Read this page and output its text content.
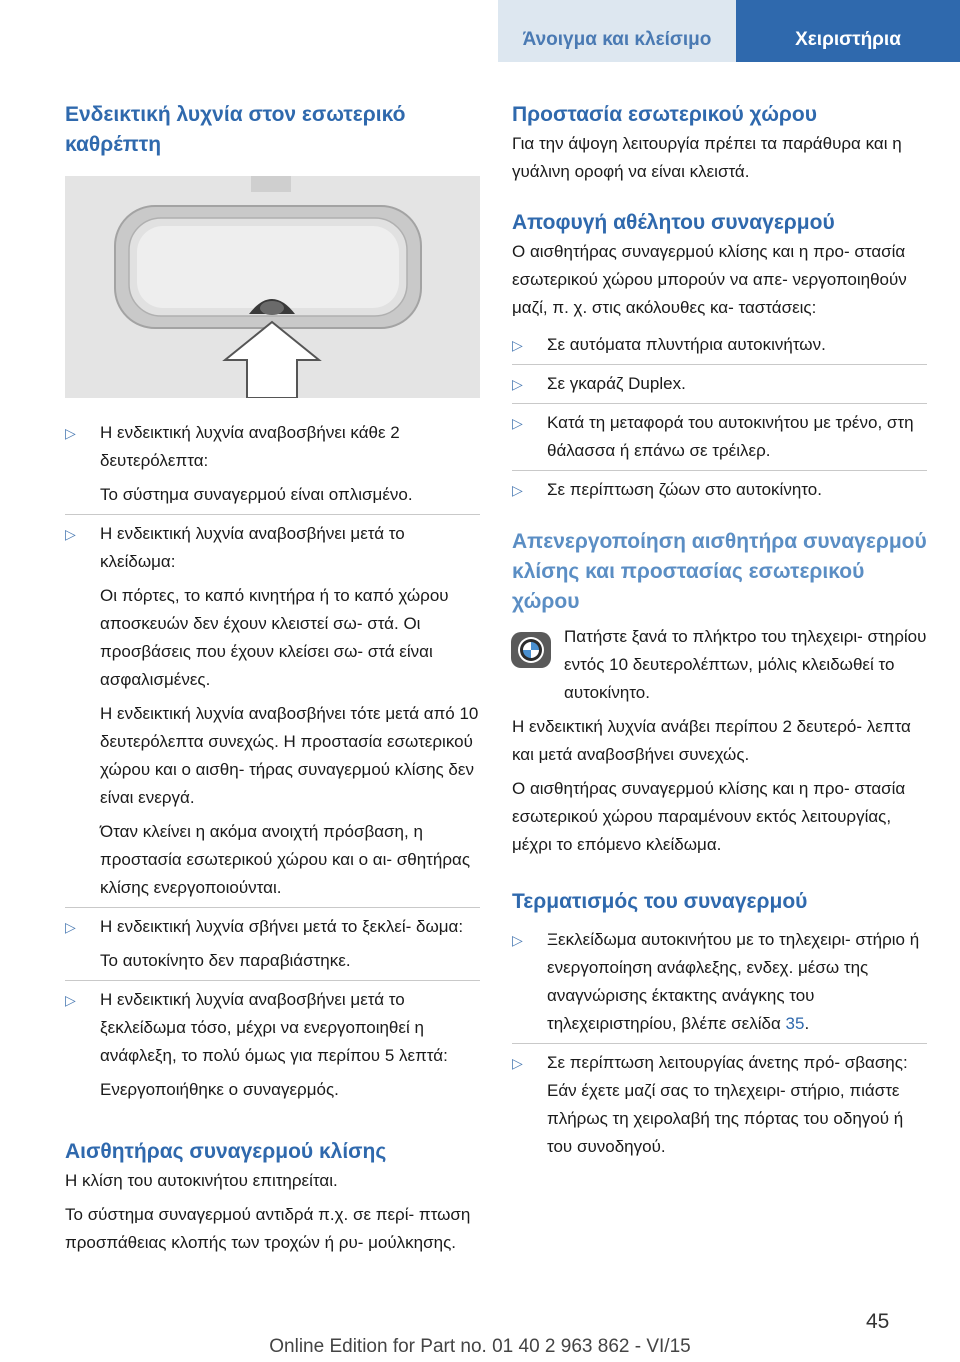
Άνοιγμα και κλείσιμο	Χειριστήρια
Ενδεικτική λυχνία στον εσωτερικό καθρέπτη
▷	Η ενδεικτική λυχνία αναβοσβήνει κάθε 2 δευτερόλεπτα:
Το σύστημα συναγερμού είναι οπλισμένο.
▷	Η ενδεικτική λυχνία αναβοσβήνει μετά το κλείδωμα:
Οι πόρτες, το καπό κινητήρα ή το καπό χώρου αποσκευών δεν έχουν κλειστεί σω‐ στά. Οι προσβάσεις που έχουν κλείσει σω‐ στά είναι ασφαλισμένες.
Η ενδεικτική λυχνία αναβοσβήνει τότε μετά από 10 δευτερόλεπτα συνεχώς. Η προστασία εσωτερικού χώρου και ο αισθη‐ τήρας συναγερμού κλίσης δεν είναι ενεργά.
Όταν κλείνει η ακόμα ανοιχτή πρόσβαση, η προστασία εσωτερικού χώρου και ο αι‐ σθητήρας κλίσης ενεργοποιούνται.
▷	Η ενδεικτική λυχνία σβήνει μετά το ξεκλεί‐ δωμα:
Το αυτοκίνητο δεν παραβιάστηκε.
▷	Η ενδεικτική λυχνία αναβοσβήνει μετά το ξεκλείδωμα τόσο, μέχρι να ενεργοποιηθεί η ανάφλεξη, το πολύ όμως για περίπου 5 λεπτά:
Ενεργοποιήθηκε ο συναγερμός.
Αισθητήρας συναγερμού κλίσης

Η κλίση του αυτοκινήτου επιτηρείται.

Το σύστημα συναγερμού αντιδρά π.χ. σε περί‐ πτωση προσπάθειας κλοπής των τροχών ή ρυ‐ μούλκησης.

Προστασία εσωτερικού χώρου

Για την άψογη λειτουργία πρέπει τα παράθυρα και η γυάλινη οροφή να είναι κλειστά.

Αποφυγή αθέλητου συναγερμού

Ο αισθητήρας συναγερμού κλίσης και η προ‐ στασία εσωτερικού χώρου μπορούν να απε‐ νεργοποιηθούν μαζί, π. χ. στις ακόλουθες κα‐ ταστάσεις:

▷	Σε αυτόματα πλυντήρια αυτοκινήτων.
▷	Σε γκαράζ Duplex.
▷	Κατά τη μεταφορά του αυτοκινήτου με τρένο, στη θάλασσα ή επάνω σε τρέιλερ.
▷	Σε περίπτωση ζώων στο αυτοκίνητο.
Απενεργοποίηση αισθητήρα συναγερμού κλίσης και προστασίας εσωτερικού χώρου

Πατήστε ξανά το πλήκτρο του τηλεχειρι‐ στηρίου εντός 10 δευτερολέπτων, μόλις κλειδωθεί το αυτοκίνητο.

Η ενδεικτική λυχνία ανάβει περίπου 2 δευτερό‐ λεπτα και μετά αναβοσβήνει συνεχώς.

Ο αισθητήρας συναγερμού κλίσης και η προ‐ στασία εσωτερικού χώρου παραμένουν εκτός λειτουργίας, μέχρι το επόμενο κλείδωμα.

Τερματισμός του συναγερμού
▷	Ξεκλείδωμα αυτοκινήτου με το τηλεχειρι‐ στήριο ή ενεργοποίηση ανάφλεξης, ενδεχ. μέσω της αναγνώρισης έκτακτης ανάγκης του τηλεχειριστηρίου, βλέπε σελίδα 35.
▷	Σε περίπτωση λειτουργίας άνετης πρό‐ σβασης: Εάν έχετε μαζί σας το τηλεχειρι‐ στήριο, πιάστε πλήρως τη χειρολαβή της πόρτας του οδηγού ή του συνοδηγού.
45
Online Edition for Part no. 01 40 2 963 862 - VI/15
